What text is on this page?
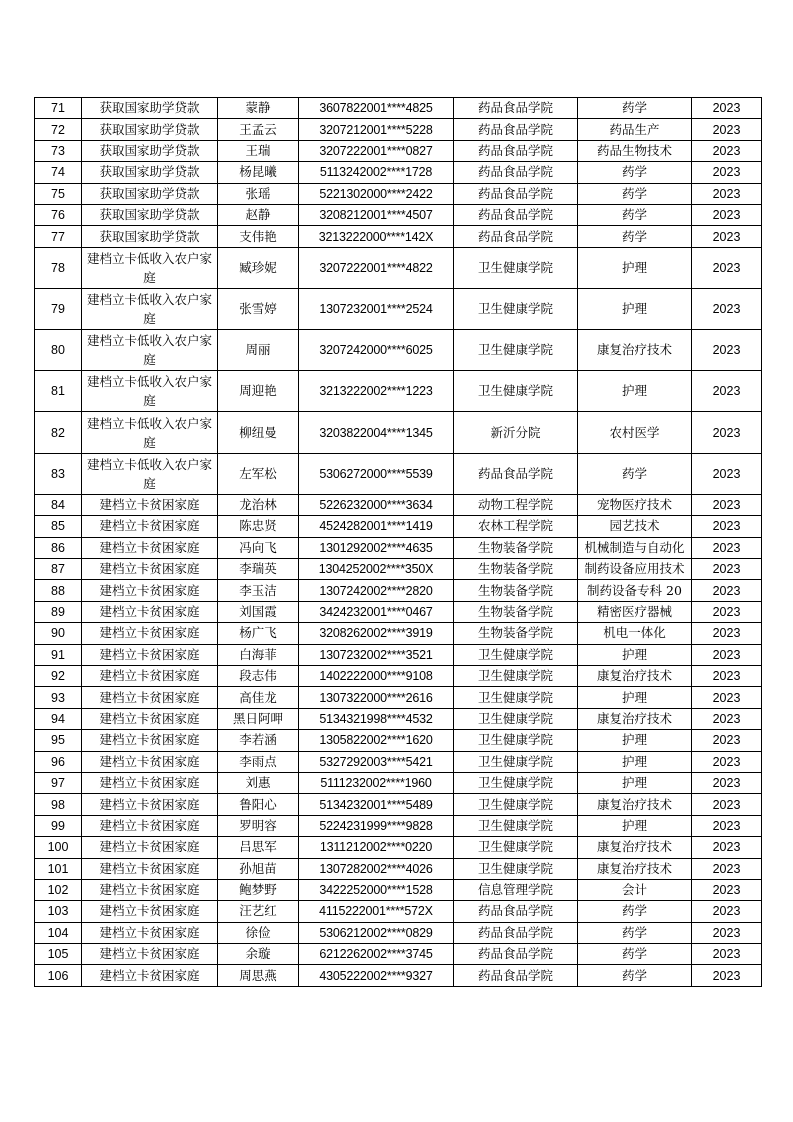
71	获取国家助学贷款	蒙静	3607822001****4825	药品食品学院	药学	2023
72	获取国家助学贷款	王孟云	3207212001****5228	药品食品学院	药品生产	2023
73	获取国家助学贷款	王瑞	3207222001****0827	药品食品学院	药品生物技术	2023
74	获取国家助学贷款	杨昆曦	5113242002****1728	药品食品学院	药学	2023
75	获取国家助学贷款	张瑶	5221302000****2422	药品食品学院	药学	2023
76	获取国家助学贷款	赵静	3208212001****4507	药品食品学院	药学	2023
77	获取国家助学贷款	支伟艳	3213222000****142X	药品食品学院	药学	2023
78	建档立卡低收入农户家庭	臧珍妮	3207222001****4822	卫生健康学院	护理	2023
79	建档立卡低收入农户家庭	张雪婷	1307232001****2524	卫生健康学院	护理	2023
80	建档立卡低收入农户家庭	周丽	3207242000****6025	卫生健康学院	康复治疗技术	2023
81	建档立卡低收入农户家庭	周迎艳	3213222002****1223	卫生健康学院	护理	2023
82	建档立卡低收入农户家庭	柳纽曼	3203822004****1345	新沂分院	农村医学	2023
83	建档立卡低收入农户家庭	左军松	5306272000****5539	药品食品学院	药学	2023
84	建档立卡贫困家庭	龙治林	5226232000****3634	动物工程学院	宠物医疗技术	2023
85	建档立卡贫困家庭	陈忠贤	4524282001****1419	农林工程学院	园艺技术	2023
86	建档立卡贫困家庭	冯向飞	1301292002****4635	生物装备学院	机械制造与自动化	2023
87	建档立卡贫困家庭	李瑞英	1304252002****350X	生物装备学院	制药设备应用技术	2023
88	建档立卡贫困家庭	李玉洁	1307242002****2820	生物装备学院	制药设备专科 20	2023
89	建档立卡贫困家庭	刘国霞	3424232001****0467	生物装备学院	精密医疗器械	2023
90	建档立卡贫困家庭	杨广飞	3208262002****3919	生物装备学院	机电一体化	2023
91	建档立卡贫困家庭	白海菲	1307232002****3521	卫生健康学院	护理	2023
92	建档立卡贫困家庭	段志伟	1402222000****9108	卫生健康学院	康复治疗技术	2023
93	建档立卡贫困家庭	高佳龙	1307322000****2616	卫生健康学院	护理	2023
94	建档立卡贫困家庭	黑日阿呷	5134321998****4532	卫生健康学院	康复治疗技术	2023
95	建档立卡贫困家庭	李若涵	1305822002****1620	卫生健康学院	护理	2023
96	建档立卡贫困家庭	李雨点	5327292003****5421	卫生健康学院	护理	2023
97	建档立卡贫困家庭	刘惠	5111232002****1960	卫生健康学院	护理	2023
98	建档立卡贫困家庭	鲁阳心	5134232001****5489	卫生健康学院	康复治疗技术	2023
99	建档立卡贫困家庭	罗明容	5224231999****9828	卫生健康学院	护理	2023
100	建档立卡贫困家庭	吕思军	1311212002****0220	卫生健康学院	康复治疗技术	2023
101	建档立卡贫困家庭	孙旭苗	1307282002****4026	卫生健康学院	康复治疗技术	2023
102	建档立卡贫困家庭	鲍梦野	3422252000****1528	信息管理学院	会计	2023
103	建档立卡贫困家庭	汪艺红	4115222001****572X	药品食品学院	药学	2023
104	建档立卡贫困家庭	徐俭	5306212002****0829	药品食品学院	药学	2023
105	建档立卡贫困家庭	余璇	6212262002****3745	药品食品学院	药学	2023
106	建档立卡贫困家庭	周思燕	4305222002****9327	药品食品学院	药学	2023
